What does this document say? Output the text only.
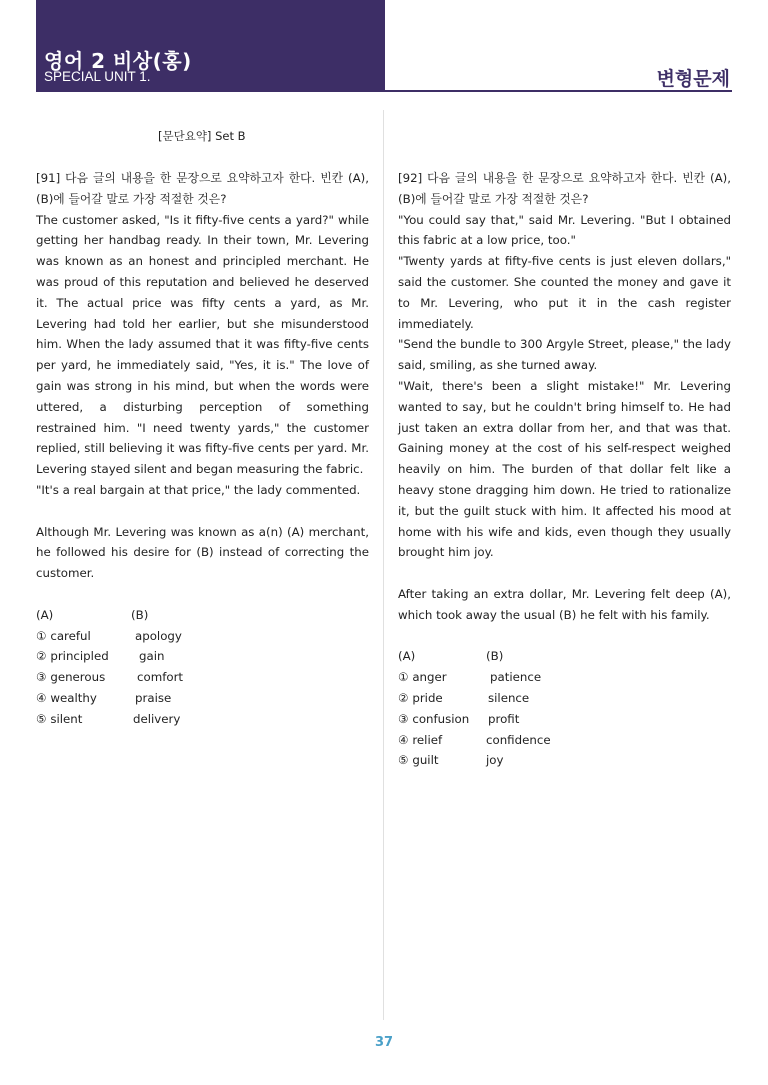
영어 2 비상(홍)
SPECIAL UNIT 1.	변형문제
[문단요약] Set B

[91] 다음 글의 내용을 한 문장으로 요약하고자 한다. 빈칸 (A), (B)에 들어갈 말로 가장 적절한 것은?

The customer asked, "Is it fifty-five cents a yard?" while getting her handbag ready. In their town, Mr. Levering was known as an honest and principled merchant. He was proud of this reputation and believed he deserved it. The actual price was fifty cents a yard, as Mr. Levering had told her earlier, but she misunderstood him. When the lady assumed that it was fifty-five cents per yard, he immediately said, "Yes, it is." The love of gain was strong in his mind, but when the words were uttered, a disturbing perception of something restrained him. "I need twenty yards," the customer replied, still believing it was fifty-five cents per yard. Mr. Levering stayed silent and began measuring the fabric.

"It's a real bargain at that price," the lady commented.

Although Mr. Levering was known as a(n) (A) merchant, he followed his desire for (B) instead of correcting the customer.

(A)	(B)
① careful	apology
② principled	gain
③ generous	comfort
④ wealthy	praise
⑤ silent	delivery

[92] 다음 글의 내용을 한 문장으로 요약하고자 한다. 빈칸 (A), (B)에 들어갈 말로 가장 적절한 것은?

"You could say that," said Mr. Levering. "But I obtained this fabric at a low price, too."

"Twenty yards at fifty-five cents is just eleven dollars," said the customer. She counted the money and gave it to Mr. Levering, who put it in the cash register immediately.

"Send the bundle to 300 Argyle Street, please," the lady said, smiling, as she turned away.

"Wait, there's been a slight mistake!" Mr. Levering wanted to say, but he couldn't bring himself to. He had just taken an extra dollar from her, and that was that. Gaining money at the cost of his self-respect weighed heavily on him. The burden of that dollar felt like a heavy stone dragging him down. He tried to rationalize it, but the guilt stuck with him. It affected his mood at home with his wife and kids, even though they usually brought him joy.

After taking an extra dollar, Mr. Levering felt deep (A), which took away the usual (B) he felt with his family.

(A)	(B)
① anger	patience
② pride	silence
③ confusion	profit
④ relief	confidence
⑤ guilt	joy
37
